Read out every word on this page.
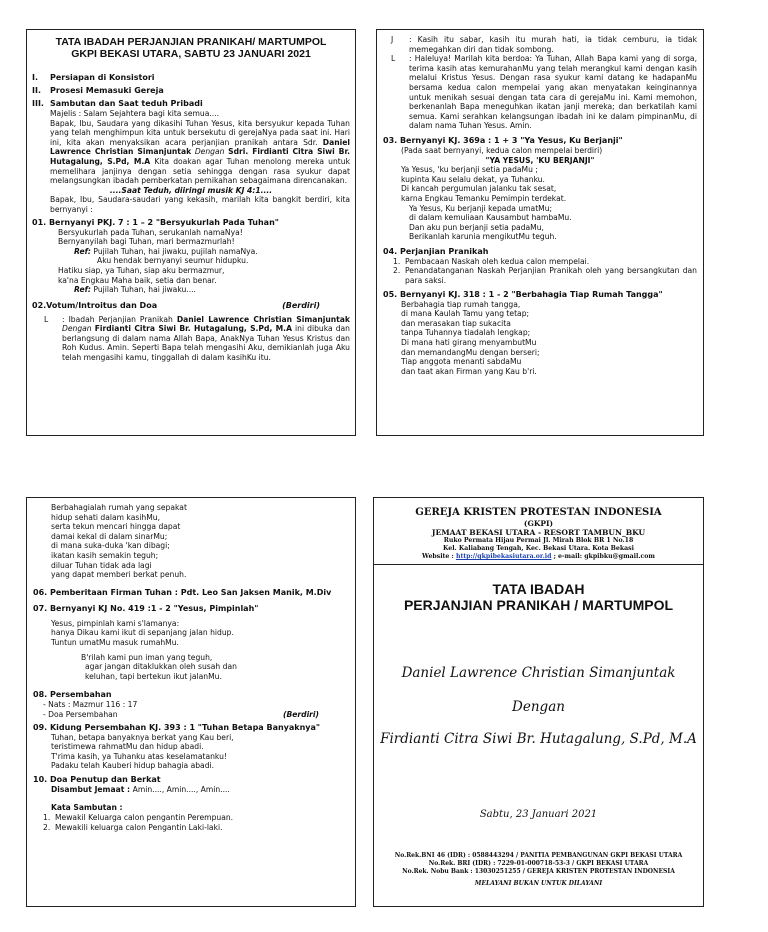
TATA IBADAH PERJANJIAN PRANIKAH/ MARTUMPOL
GKPI BEKASI UTARA, SABTU 23 JANUARI 2021
I.	Persiapan di Konsistori
II.	Prosesi Memasuki Gereja
III. Sambutan dan Saat teduh Pribadi
Majelis : Salam Sejahtera bagi kita semua....
Bapak, Ibu, Saudara yang dikasihi Tuhan Yesus, kita bersyukur kepada Tuhan yang telah menghimpun kita untuk bersekutu di gerejaNya pada saat ini. Hari ini, kita akan menyaksikan acara perjanjian pranikah antara Sdr. Daniel Lawrence Christian Simanjuntak Dengan Sdri. Firdianti Citra Siwi Br. Hutagalung, S.Pd, M.A Kita doakan agar Tuhan menolong mereka untuk memelihara janjinya dengan setia sehingga dengan rasa syukur dapat melangsungkan ibadah pemberkatan pernikahan sebagaimana direncanakan.
....Saat Teduh, diiringi musik KJ 4:1....
Bapak, Ibu, Saudara-saudari yang kekasih, marilah kita bangkit berdiri, kita bernyanyi :
01. Bernyanyi PKJ. 7 : 1 – 2 "Bersyukurlah Pada Tuhan"
Bersyukurlah pada Tuhan, serukanlah namaNya!
Bernyanyilah bagi Tuhan, mari bermazmurlah!
Ref: Pujilah Tuhan, hai jiwaku, pujilah namaNya.
Aku hendak bernyanyi seumur hidupku.
Hatiku siap, ya Tuhan, siap aku bermazmur,
ka'na Engkau Maha baik, setia dan benar.
Ref: Pujilah Tuhan, hai jiwaku....
02.Votum/Introitus dan Doa	(Berdiri)
L	: Ibadah Perjanjian Pranikah Daniel Lawrence Christian Simanjuntak Dengan Firdianti Citra Siwi Br. Hutagalung, S.Pd, M.A ini dibuka dan berlangsung di dalam nama Allah Bapa, AnakNya Tuhan Yesus Kristus dan Roh Kudus. Amin. Seperti Bapa telah mengasihi Aku, demikianlah juga Aku telah mengasihi kamu, tinggallah di dalam kasihKu itu.
J	: Kasih itu sabar, kasih itu murah hati, ia tidak cemburu, ia tidak memegahkan diri dan tidak sombong.
L	: Haleluya! Marilah kita berdoa: Ya Tuhan, Allah Bapa kami yang di sorga, terima kasih atas kemurahanMu yang telah merangkul kami dengan kasih melalui Kristus Yesus. Dengan rasa syukur kami datang ke hadapanMu bersama kedua calon mempelai yang akan menyatakan keinginannya untuk menikah sesuai dengan tata cara di gerejaMu ini. Kami memohon, berkenanlah Bapa meneguhkan ikatan janji mereka; dan berkatilah kami semua. Kami serahkan kelangsungan ibadah ini ke dalam pimpinanMu, di dalam nama Tuhan Yesus. Amin.
03. Bernyanyi KJ. 369a : 1 + 3 "Ya Yesus, Ku Berjanji"
(Pada saat bernyanyi, kedua calon mempelai berdiri)
"YA YESUS, 'KU BERJANJI"
Ya Yesus, 'ku berjanji setia padaMu ;
kupinta Kau selalu dekat, ya Tuhanku.
Di kancah pergumulan jalanku tak sesat,
karna Engkau Temanku Pemimpin terdekat.
Ya Yesus, Ku berjanji kepada umatMu;
di dalam kemuliaan Kausambut hambaMu.
Dan aku pun berjanji setia padaMu,
Berikanlah karunia mengikutMu teguh.
04. Perjanjian Pranikah
1. Pembacaan Naskah oleh kedua calon mempelai.
2. Penandatanganan Naskah Perjanjian Pranikah oleh yang bersangkutan dan para saksi.
05. Bernyanyi KJ. 318 : 1 - 2 "Berbahagia Tiap Rumah Tangga"
Berbahagia tiap rumah tangga,
di mana Kaulah Tamu yang tetap;
dan merasakan tiap sukacita
tanpa Tuhannya tiadalah lengkap;
Di mana hati girang menyambutMu
dan memandangMu dengan berseri;
Tiap anggota menanti sabdaMu
dan taat akan Firman yang Kau b'ri.
Berbahagialah rumah yang sepakat
hidup sehati dalam kasihMu,
serta tekun mencari hingga dapat
damai kekal di dalam sinarMu;
di mana suka-duka 'kan dibagi;
ikatan kasih semakin teguh;
diluar Tuhan tidak ada lagi
yang dapat memberi berkat penuh.
06. Pemberitaan Firman Tuhan : Pdt. Leo San Jaksen Manik, M.Div
07. Bernyanyi KJ No. 419 :1 - 2 "Yesus, Pimpinlah"
Yesus, pimpinlah kami s'lamanya:
hanya Dikau kami ikut di sepanjang jalan hidup.
Tuntun umatMu masuk rumahMu.
B'rilah kami pun iman yang teguh,
agar jangan ditaklukkan oleh susah dan
keluhan, tapi bertekun ikut jalanMu.
08. Persembahan
- Nats : Mazmur 116 : 17
- Doa Persembahan	(Berdiri)
09. Kidung Persembahan KJ. 393 : 1 "Tuhan Betapa Banyaknya"
Tuhan, betapa banyaknya berkat yang Kau beri,
teristimewa rahmatMu dan hidup abadi.
T'rima kasih, ya Tuhanku atas keselamatanku!
Padaku telah Kauberi hidup bahagia abadi.
10. Doa Penutup dan Berkat
Disambut Jemaat : Amin...., Amin...., Amin....
Kata Sambutan :
1. Mewakil Keluarga calon pengantin Perempuan.
2. Mewakili keluarga calon Pengantin Laki-laki.
GEREJA KRISTEN PROTESTAN INDONESIA
(GKPI)
JEMAAT BEKASI UTARA - RESORT TAMBUN_BKU
Ruko Permata Hijau Permai Jl. Mirah Blok BR 1 No.18
Kel. Kaliabang Tengah, Kec. Bekasi Utara. Kota Bekasi
Website : http://gkpibekasiutara.or.id ; e-mail: gkpibku@gmail.com
TATA IBADAH
PERJANJIAN PRANIKAH / MARTUMPOL
Daniel Lawrence Christian Simanjuntak
Dengan
Firdianti Citra Siwi Br. Hutagalung, S.Pd, M.A
Sabtu, 23 Januari 2021
No.Rek.BNI 46 (IDR) : 0588443294 / PANITIA PEMBANGUNAN GKPI BEKASI UTARA
No.Rek. BRI (IDR) : 7229-01-000718-53-3 / GKPI BEKASI UTARA
No.Rek. Nobu Bank : 13030251255 / GEREJA KRISTEN PROTESTAN INDONESIA
MELAYANI BUKAN UNTUK DILAYANI
